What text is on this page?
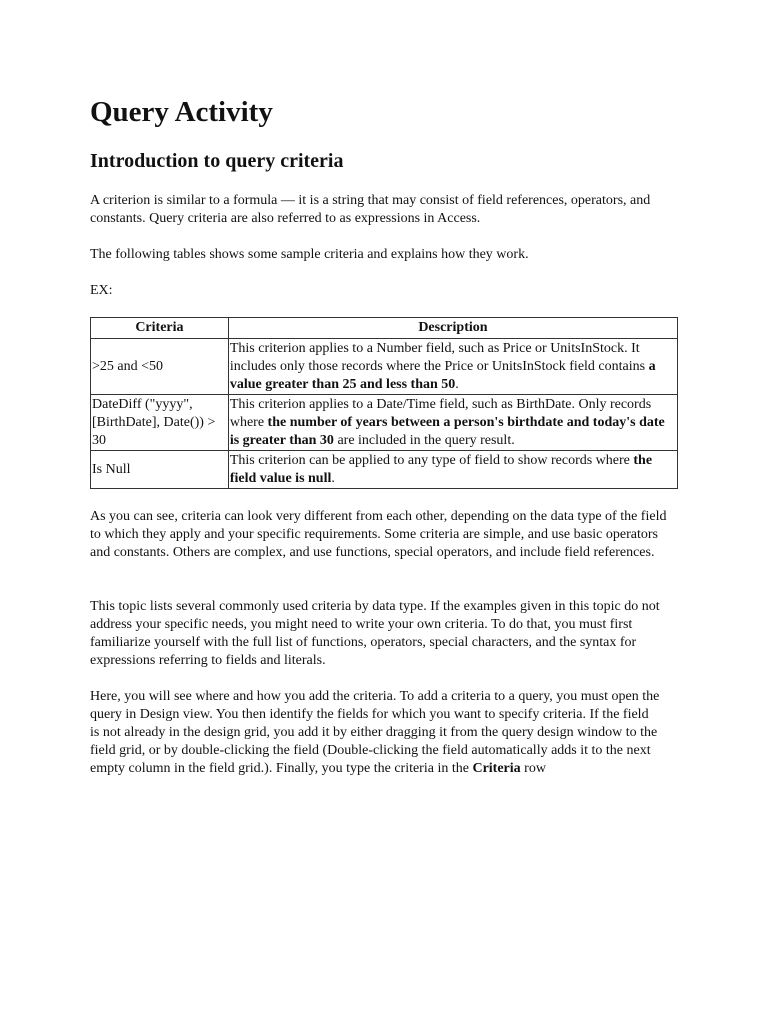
Query Activity
Introduction to query criteria

A criterion is similar to a formula — it is a string that may consist of field references, operators, and constants. Query criteria are also referred to as expressions in Access.

The following tables shows some sample criteria and explains how they work.

EX:

Criteria	Description
>25 and <50	This criterion applies to a Number field, such as Price or UnitsInStock. It includes only those records where the Price or UnitsInStock field contains a value greater than 25 and less than 50.
DateDiff ("yyyy", [BirthDate], Date()) > 30	This criterion applies to a Date/Time field, such as BirthDate. Only records where the number of years between a person's birthdate and today's date is greater than 30 are included in the query result.
Is Null	This criterion can be applied to any type of field to show records where the field value is null.

As you can see, criteria can look very different from each other, depending on the data type of the field to which they apply and your specific requirements. Some criteria are simple, and use basic operators and constants. Others are complex, and use functions, special operators, and include field references.

This topic lists several commonly used criteria by data type. If the examples given in this topic do not address your specific needs, you might need to write your own criteria. To do that, you must first familiarize yourself with the full list of functions, operators, special characters, and the syntax for expressions referring to fields and literals.

Here, you will see where and how you add the criteria. To add a criteria to a query, you must open the query in Design view. You then identify the fields for which you want to specify criteria. If the field is not already in the design grid, you add it by either dragging it from the query design window to the field grid, or by double-clicking the field (Double-clicking the field automatically adds it to the next empty column in the field grid.). Finally, you type the criteria in the Criteria row
